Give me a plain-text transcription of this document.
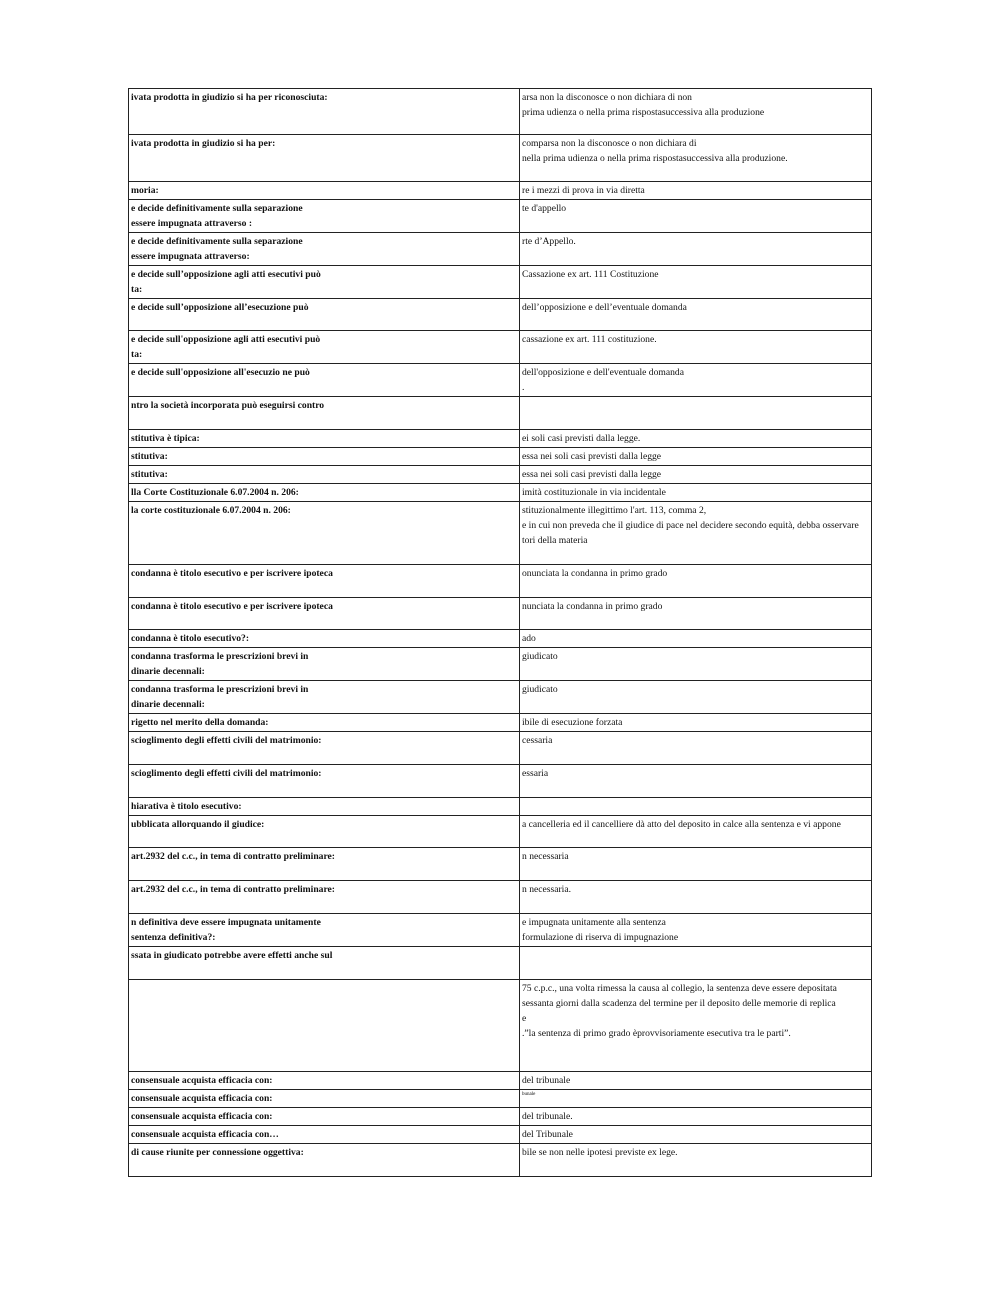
ivata prodotta in giudizio si ha per riconosciuta:	arsa non la disconosce o non dichiara di non
prima udienza o nella prima rispostasuccessiva alla produzione

ivata prodotta in giudizio si ha per:	comparsa non la disconosce o non dichiara di
nella prima udienza o nella prima rispostasuccessiva alla produzione.

moria:	re i mezzi di prova in via diretta

e decide definitivamente sulla separazione
essere impugnata attraverso :	te d'appello

e decide definitivamente sulla separazione
essere impugnata attraverso:	rte d’Appello.

e decide sull’opposizione agli atti esecutivi può
ta:	Cassazione ex art. 111 Costituzione

e decide sull’opposizione all’esecuzione può	dell’opposizione e dell’eventuale domanda

e decide sull'opposizione agli atti esecutivi può
ta:	cassazione ex art. 111 costituzione.

e decide sull'opposizione all'esecuzio ne può	dell'opposizione e dell'eventuale domanda
.

ntro la società incorporata può eseguirsi contro	

stitutiva è tipica:	ei soli casi previsti dalla legge.

stitutiva:	essa nei soli casi previsti dalla legge

stitutiva:	essa nei soli casi previsti dalla legge

lla Corte Costituzionale 6.07.2004 n. 206:	imità costituzionale in via incidentale

la corte costituzionale 6.07.2004 n. 206:	stituzionalmente illegittimo l'art. 113, comma 2,
e in cui non preveda che il giudice di pace nel decidere secondo equità, debba osservare
tori della materia

condanna è titolo esecutivo e per iscrivere ipoteca	onunciata la condanna in primo grado

condanna è titolo esecutivo e per iscrivere ipoteca	nunciata la condanna in primo grado

condanna è titolo esecutivo?:	ado

condanna trasforma le prescrizioni brevi in
dinarie decennali:	giudicato

condanna trasforma le prescrizioni brevi in
dinarie decennali:	giudicato

rigetto nel merito della domanda:	ibile di esecuzione forzata

scioglimento degli effetti civili del matrimonio:	cessaria

scioglimento degli effetti civili del matrimonio:	essaria

hiarativa è titolo esecutivo:	

ubblicata allorquando il giudice:	a cancelleria ed il cancelliere dà atto del deposito in calce alla sentenza e vi appone

art.2932 del c.c., in tema di contratto preliminare:	n necessaria

art.2932 del c.c., in tema di contratto preliminare:	n necessaria.

n definitiva deve essere impugnata unitamente
sentenza definitiva?:	e impugnata unitamente alla sentenza
formulazione di riserva di impugnazione

ssata in giudicato potrebbe avere effetti anche sul	

	75 c.p.c., una volta rimessa la causa al collegio, la sentenza deve essere depositata
sessanta giorni dalla scadenza del termine per il deposito delle memorie di replica
e
.”la sentenza di primo grado èprovvisoriamente esecutiva tra le parti”.

consensuale acquista efficacia con:	del tribunale

consensuale acquista efficacia con:	bunale

consensuale acquista efficacia con:	del tribunale.

consensuale acquista efficacia con…	del Tribunale

di cause riunite per connessione oggettiva:	bile se non nelle ipotesi previste ex lege.
